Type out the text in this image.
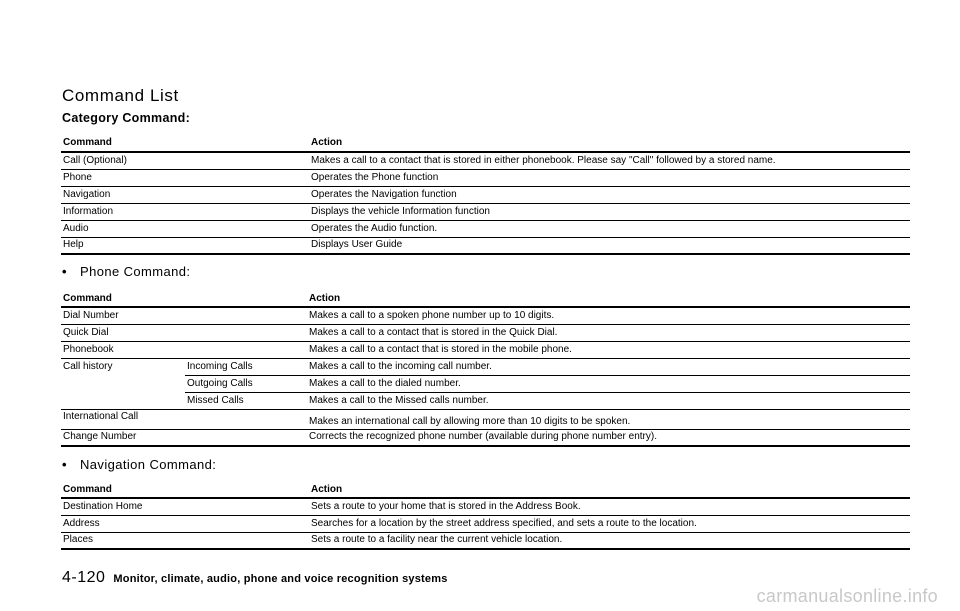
Command List
Category Command:
Command	Action
Call (Optional)	Makes a call to a contact that is stored in either phonebook. Please say "Call" followed by a stored name.
Phone	Operates the Phone function
Navigation	Operates the Navigation function
Information	Displays the vehicle Information function
Audio	Operates the Audio function.
Help	Displays User Guide
• Phone Command:
Command		Action
Dial Number		Makes a call to a spoken phone number up to 10 digits.
Quick Dial		Makes a call to a contact that is stored in the Quick Dial.
Phonebook		Makes a call to a contact that is stored in the mobile phone.
Call history	Incoming Calls	Makes a call to the incoming call number.
	Outgoing Calls	Makes a call to the dialed number.
	Missed Calls	Makes a call to the Missed calls number.
International Call		Makes an international call by allowing more than 10 digits to be spoken.
Change Number		Corrects the recognized phone number (available during phone number entry).
• Navigation Command:
Command	Action
Destination Home	Sets a route to your home that is stored in the Address Book.
Address	Searches for a location by the street address specified, and sets a route to the location.
Places	Sets a route to a facility near the current vehicle location.
4-120 Monitor, climate, audio, phone and voice recognition systems
carmanualsonline.info
